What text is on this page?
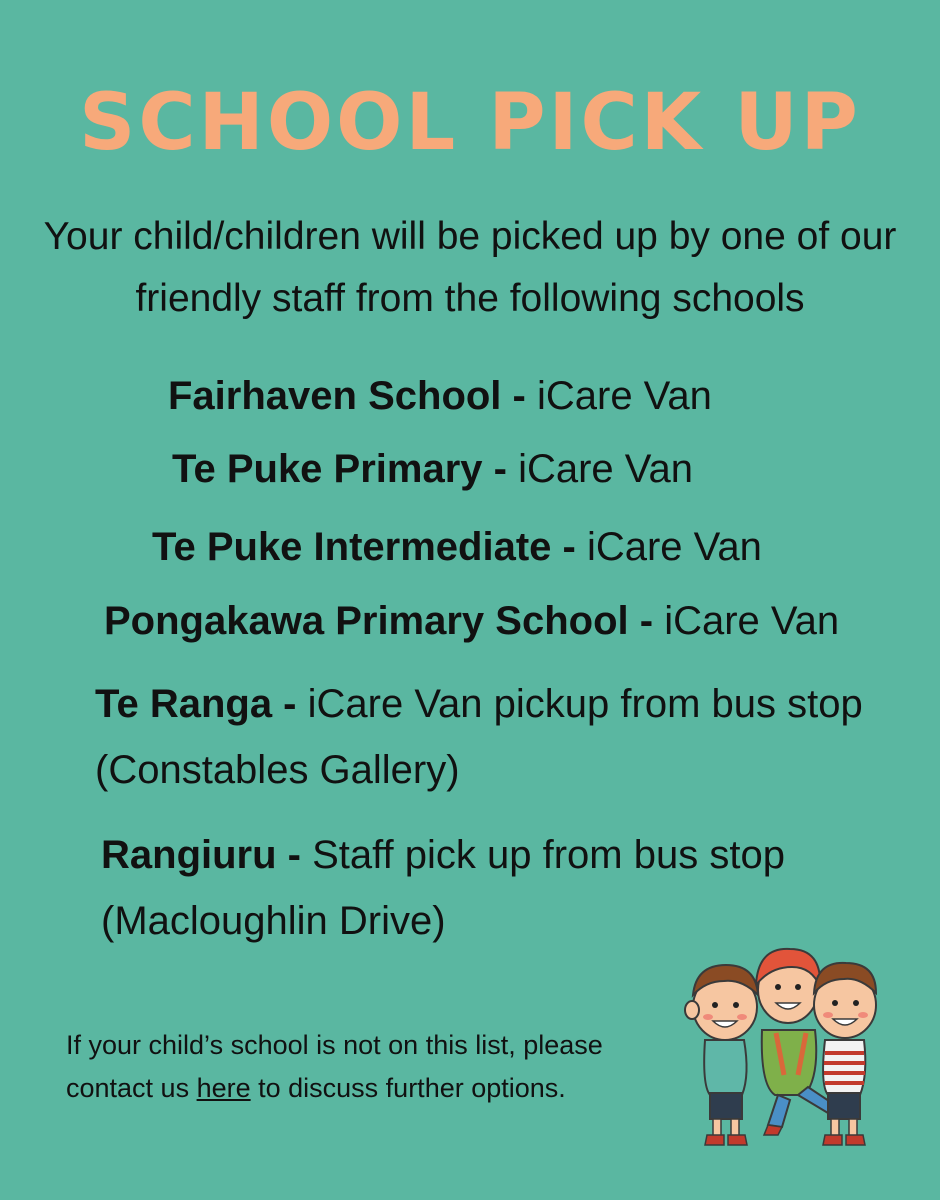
SCHOOL PICK UP
Your child/children will be picked up by one of our friendly staff from the following schools
Fairhaven School - iCare Van
Te Puke Primary - iCare Van
Te Puke Intermediate - iCare Van
Pongakawa Primary School - iCare Van
Te Ranga - iCare Van pickup from bus stop (Constables Gallery)
Rangiuru - Staff pick up from bus stop (Macloughlin Drive)
If your child’s school is not on this list, please contact us here to discuss further options.
